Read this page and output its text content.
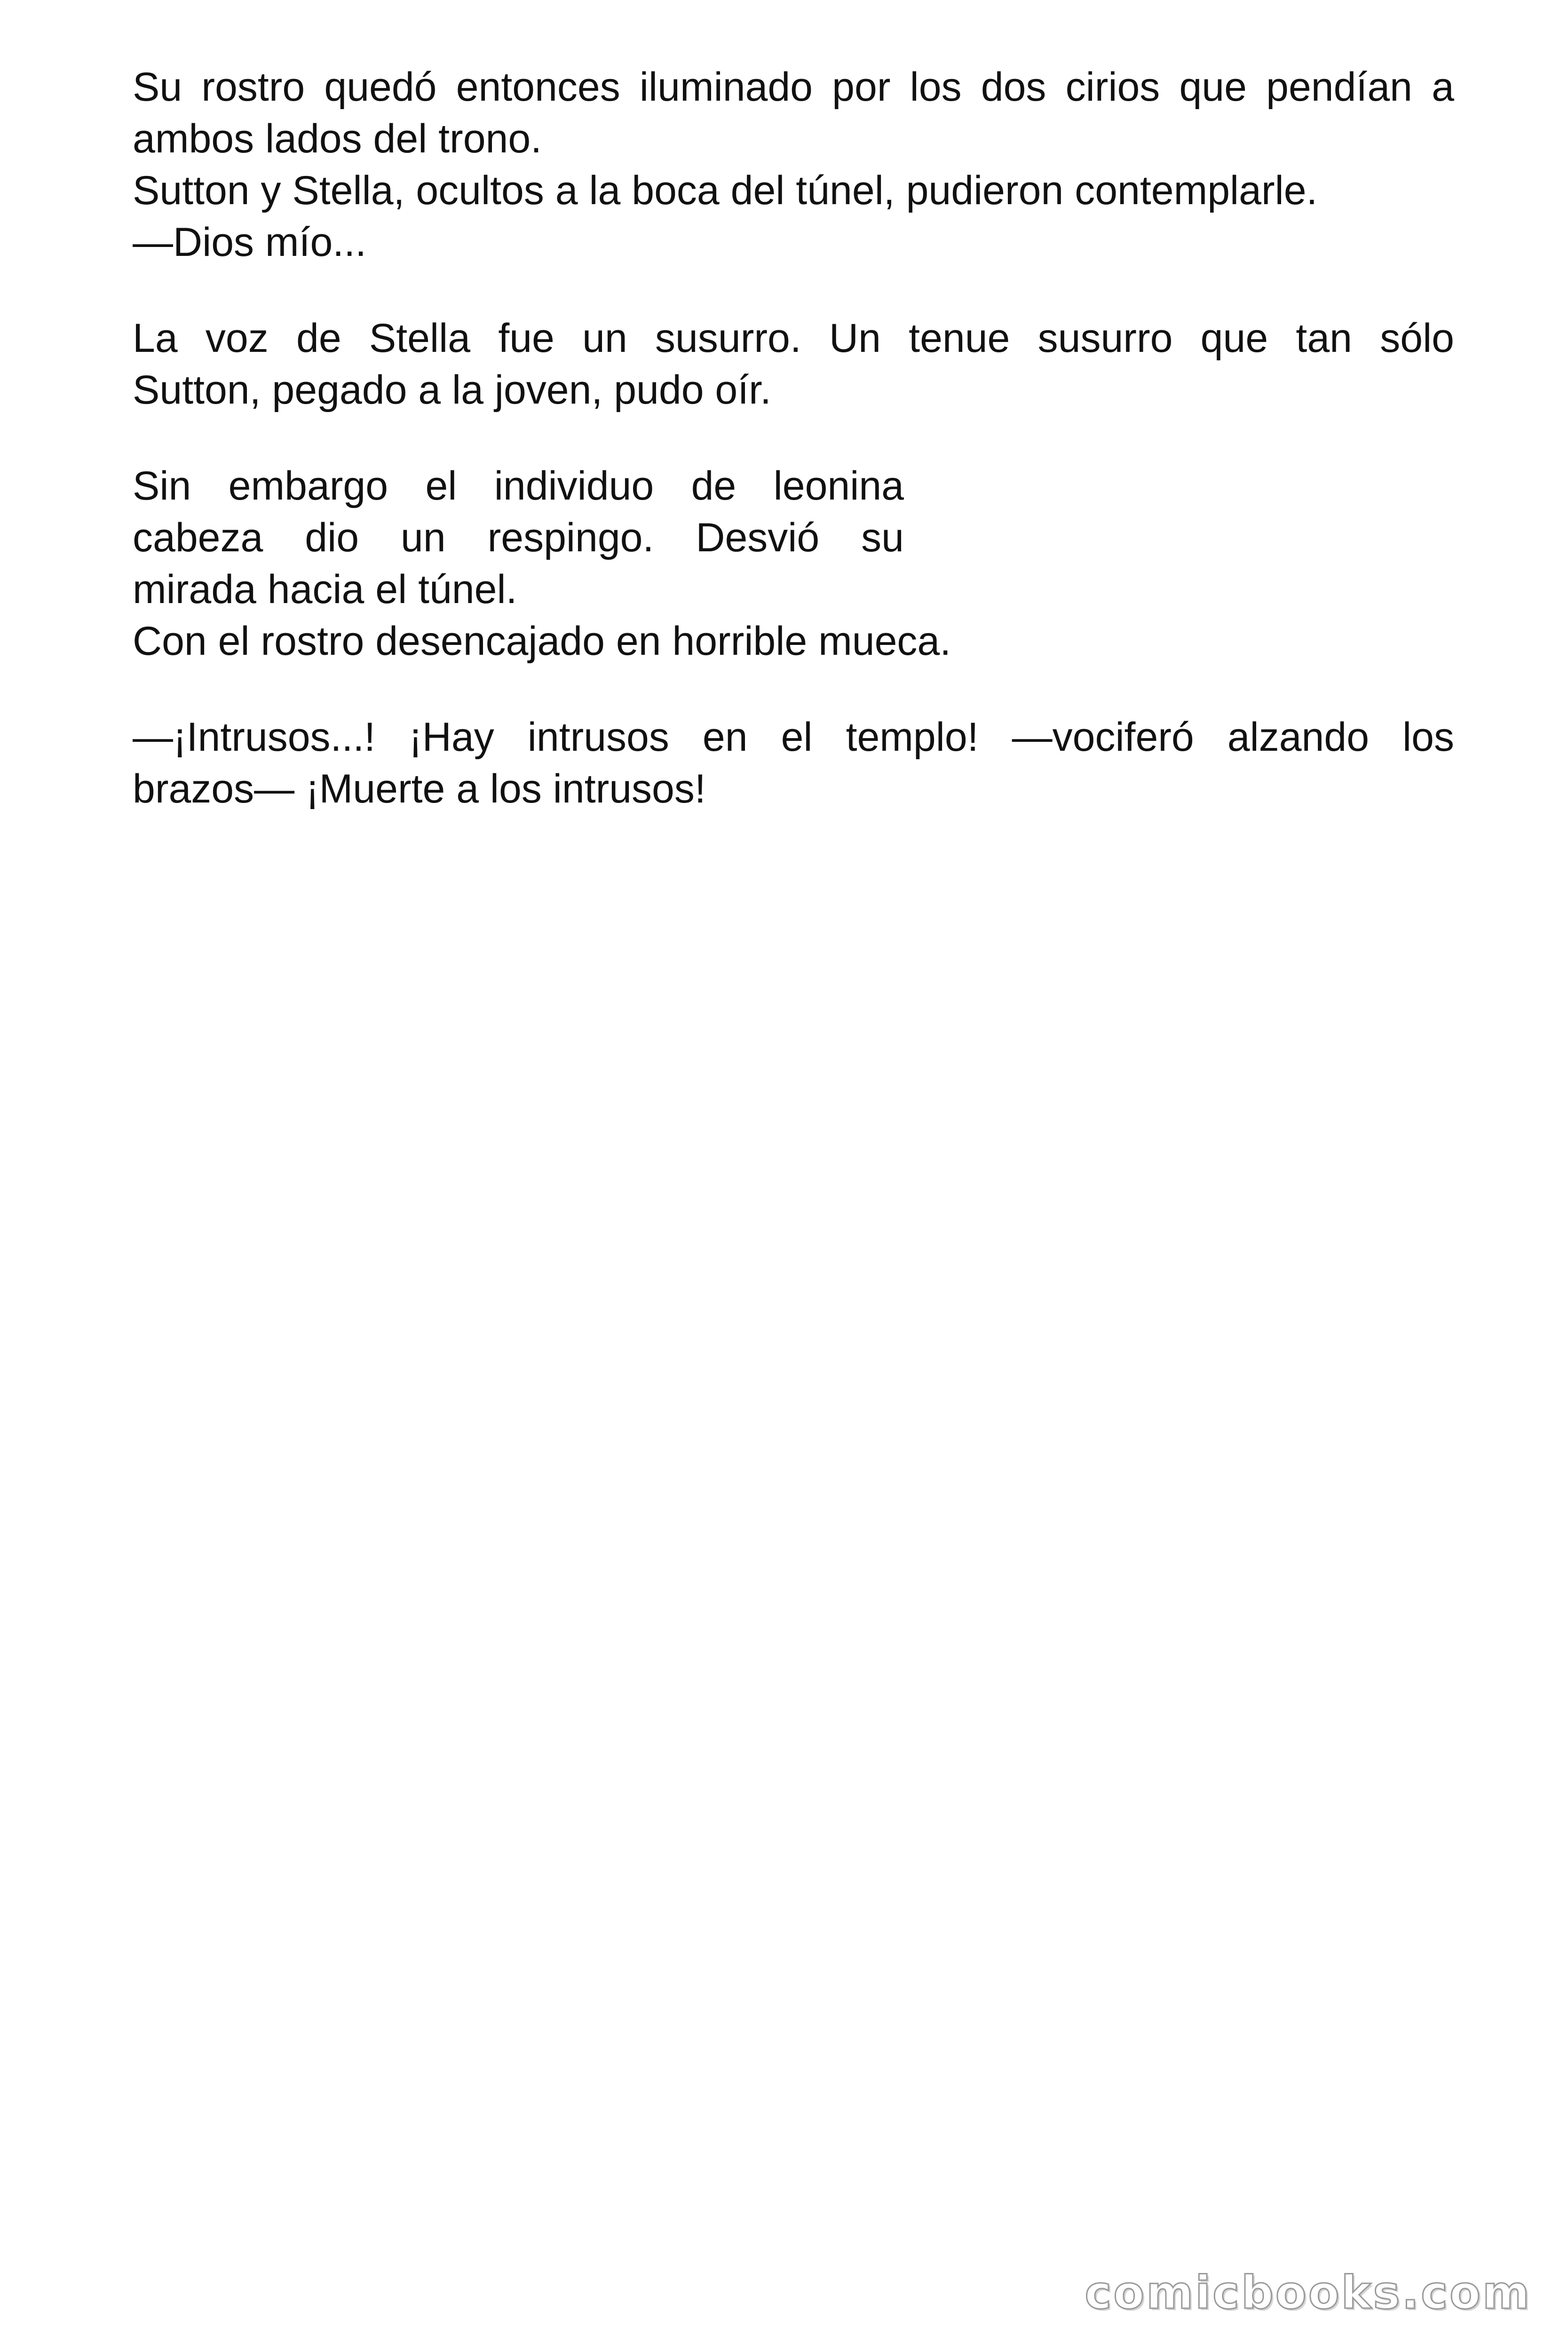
Su rostro quedó entonces iluminado por los dos cirios que pendían a
ambos lados del trono.
Sutton y Stella, ocultos a la boca del túnel, pudieron contemplarle.
—Dios mío...

La voz de Stella fue un susurro. Un tenue susurro que tan sólo
Sutton, pegado a la joven, pudo oír.

Sin embargo el individuo de leonina
cabeza dio un respingo. Desvió su
mirada hacia el túnel.
Con el rostro desencajado en horrible mueca.

—¡Intrusos...! ¡Hay intrusos en el templo! —vociferó alzando los
brazos— ¡Muerte a los intrusos!

comicbooks.com
